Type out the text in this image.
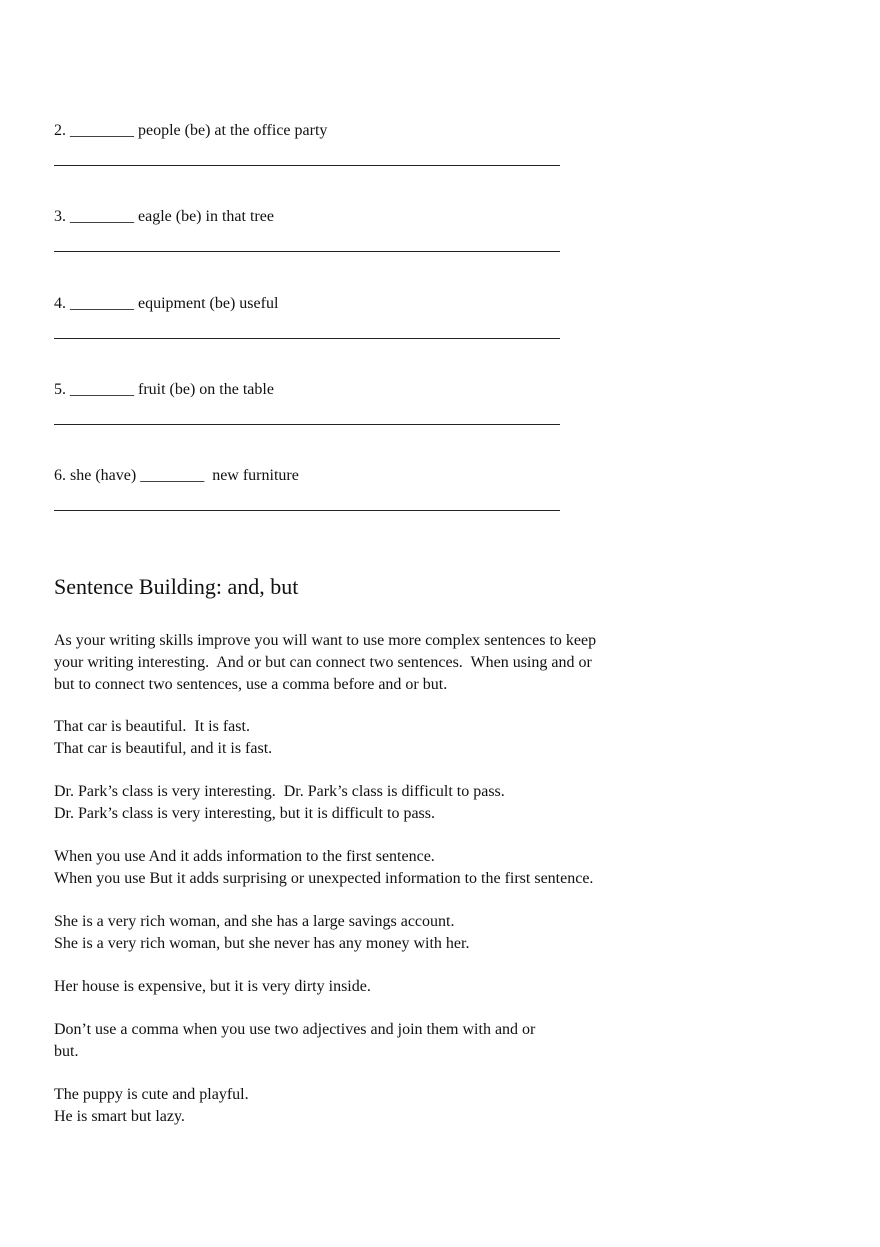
2. ________ people (be) at the office party
3. ________ eagle (be) in that tree
4. ________ equipment (be) useful
5. ________ fruit (be) on the table
6. she (have) ________  new furniture
Sentence Building: and, but
As your writing skills improve you will want to use more complex sentences to keep
your writing interesting.  And or but can connect two sentences.  When using and or
but to connect two sentences, use a comma before and or but.
That car is beautiful.  It is fast.
That car is beautiful, and it is fast.
Dr. Park’s class is very interesting.  Dr. Park’s class is difficult to pass.
Dr. Park’s class is very interesting, but it is difficult to pass.
When you use And it adds information to the first sentence.
When you use But it adds surprising or unexpected information to the first sentence.
She is a very rich woman, and she has a large savings account.
She is a very rich woman, but she never has any money with her.
Her house is expensive, but it is very dirty inside.
Don’t use a comma when you use two adjectives and join them with and or
but.
The puppy is cute and playful.
He is smart but lazy.
